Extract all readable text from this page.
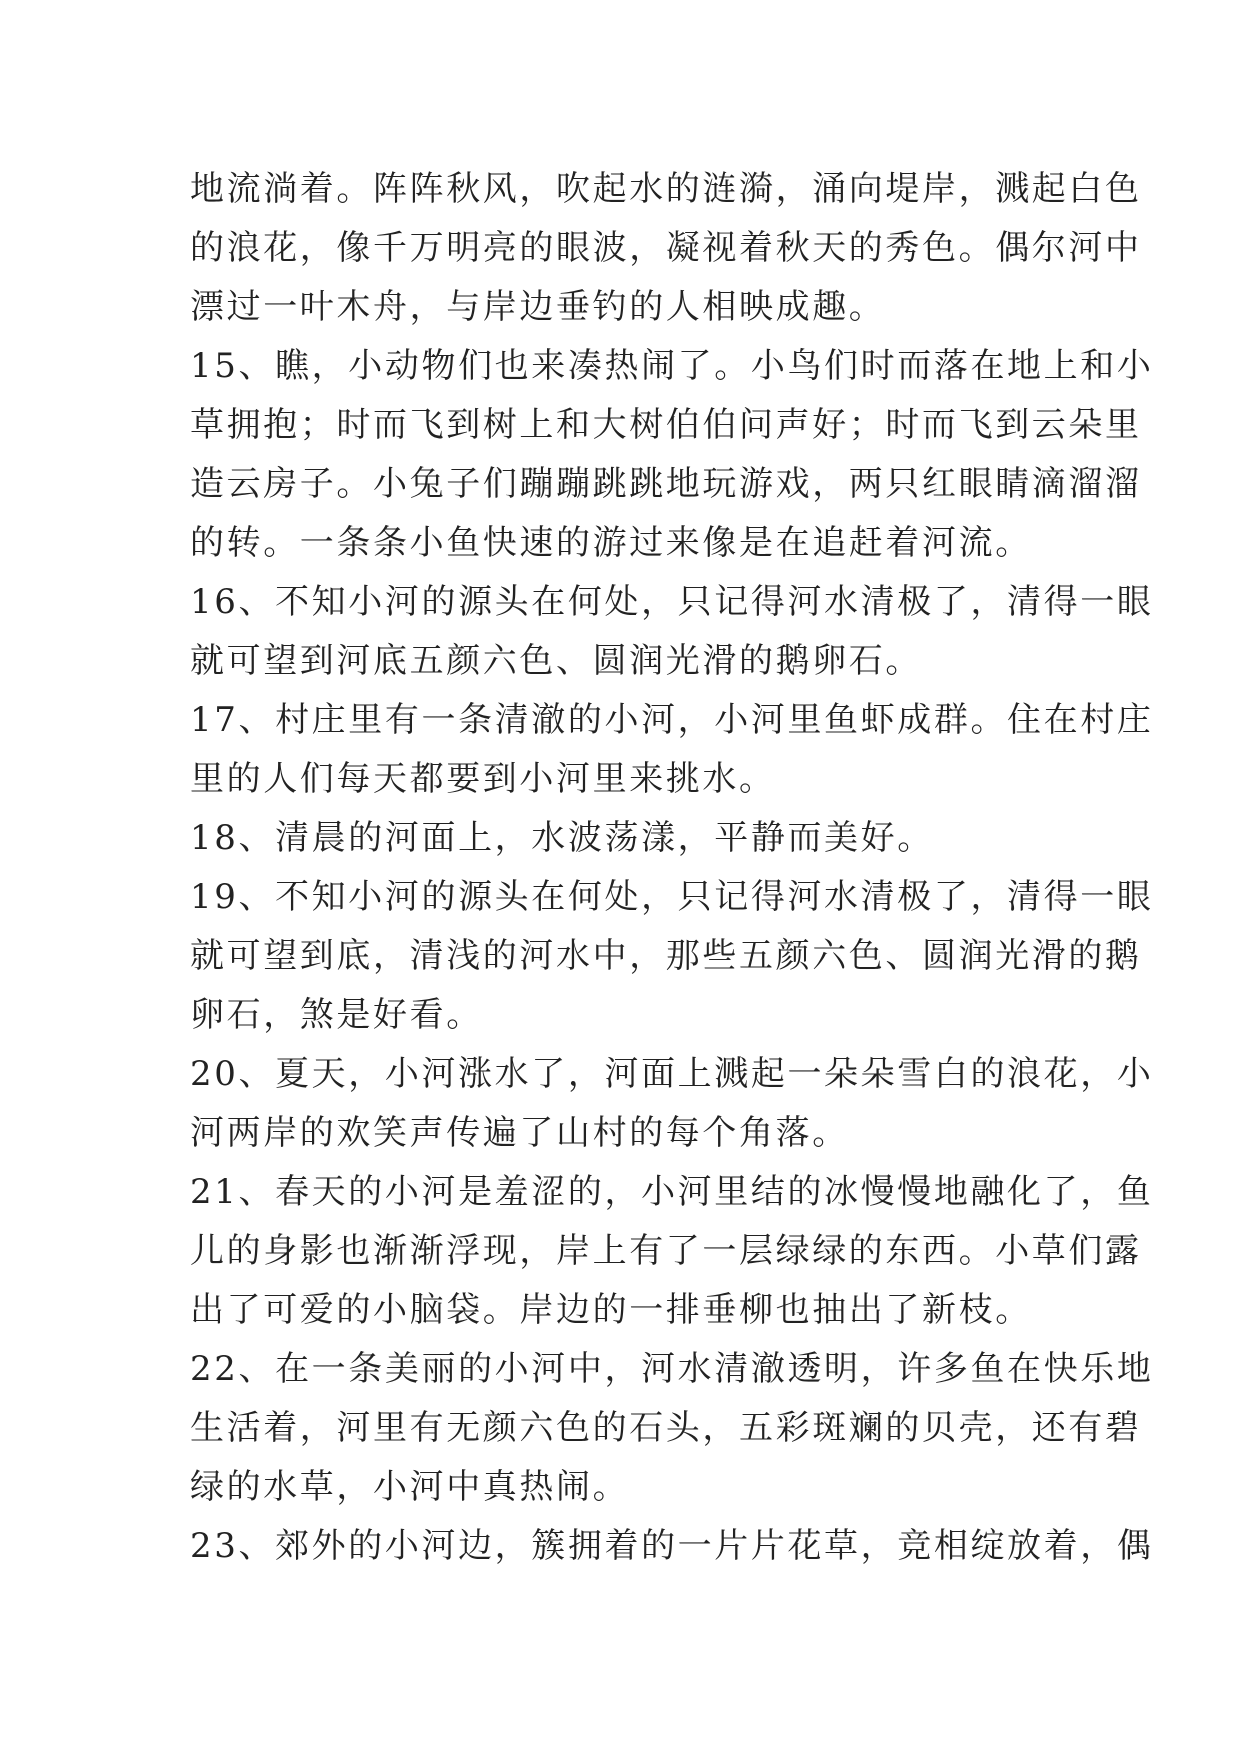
地流淌着。阵阵秋风，吹起水的涟漪，涌向堤岸，溅起白色
的浪花，像千万明亮的眼波，凝视着秋天的秀色。偶尔河中
漂过一叶木舟，与岸边垂钓的人相映成趣。
15、瞧，小动物们也来凑热闹了。小鸟们时而落在地上和小
草拥抱；时而飞到树上和大树伯伯问声好；时而飞到云朵里
造云房子。小兔子们蹦蹦跳跳地玩游戏，两只红眼睛滴溜溜
的转。一条条小鱼快速的游过来像是在追赶着河流。
16、不知小河的源头在何处，只记得河水清极了，清得一眼
就可望到河底五颜六色、圆润光滑的鹅卵石。
17、村庄里有一条清澈的小河，小河里鱼虾成群。住在村庄
里的人们每天都要到小河里来挑水。
18、清晨的河面上，水波荡漾，平静而美好。
19、不知小河的源头在何处，只记得河水清极了，清得一眼
就可望到底，清浅的河水中，那些五颜六色、圆润光滑的鹅
卵石，煞是好看。
20、夏天，小河涨水了，河面上溅起一朵朵雪白的浪花，小
河两岸的欢笑声传遍了山村的每个角落。
21、春天的小河是羞涩的，小河里结的冰慢慢地融化了，鱼
儿的身影也渐渐浮现，岸上有了一层绿绿的东西。小草们露
出了可爱的小脑袋。岸边的一排垂柳也抽出了新枝。
22、在一条美丽的小河中，河水清澈透明，许多鱼在快乐地
生活着，河里有无颜六色的石头，五彩斑斓的贝壳，还有碧
绿的水草，小河中真热闹。
23、郊外的小河边，簇拥着的一片片花草，竞相绽放着，偶
